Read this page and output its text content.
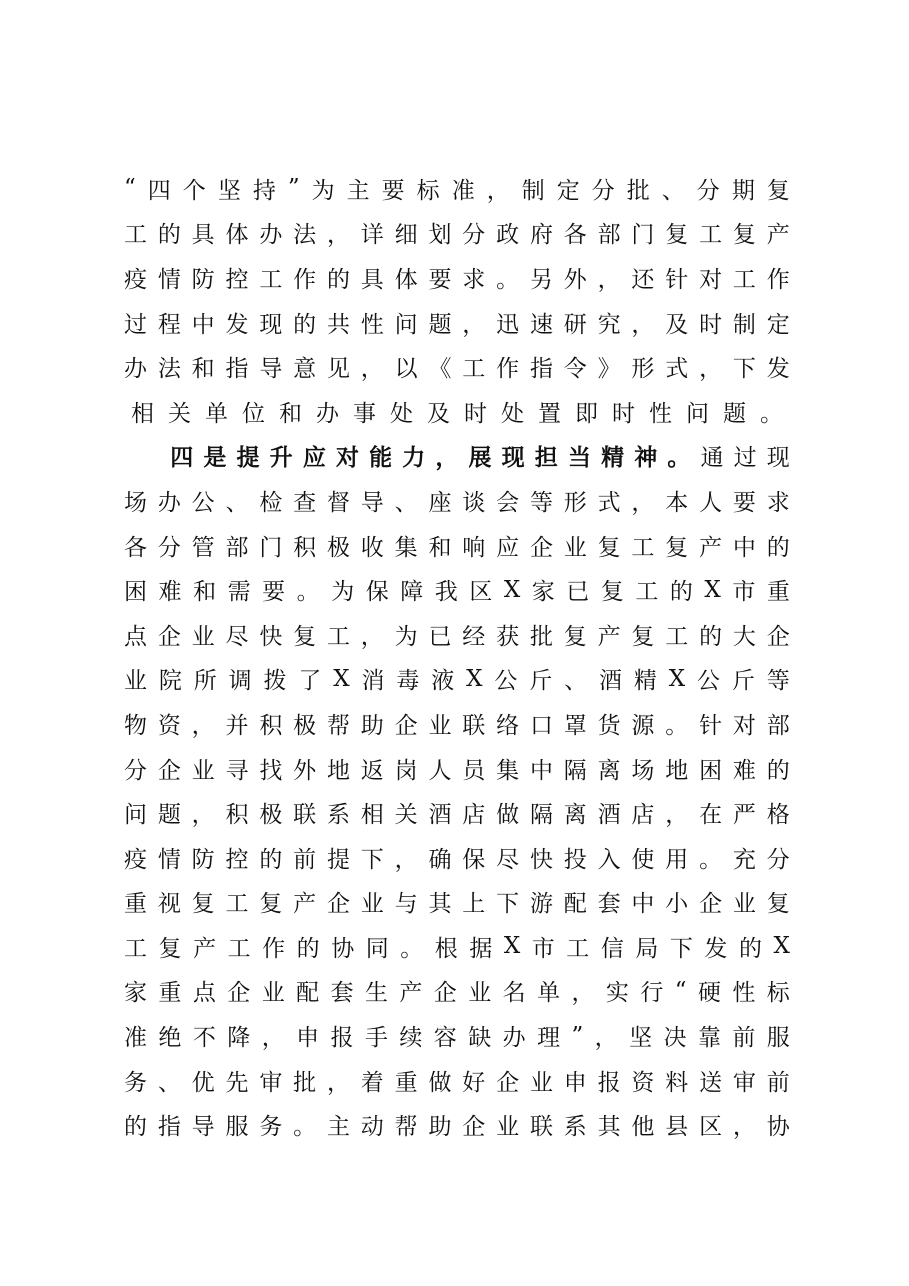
“ 四 个 坚 持 ” 为 主 要 标 准 ， 制 定 分 批 、 分 期 复
工 的 具 体 办 法 ， 详 细 划 分 政 府 各 部 门 复 工 复 产
疫 情 防 控 工 作 的 具 体 要 求 。 另 外 ， 还 针 对 工 作
过 程 中 发 现 的 共 性 问 题 ， 迅 速 研 究 ， 及 时 制 定
办 法 和 指 导 意 见 ， 以 《 工 作 指 令 》 形 式 ， 下 发
相 关 单 位 和 办 事 处 及 时 处 置 即 时 性 问 题 。
四 是 提 升 应 对 能 力 ， 展 现 担 当 精 神 。 通 过 现
场 办 公 、 检 查 督 导 、 座 谈 会 等 形 式 ， 本 人 要 求
各 分 管 部 门 积 极 收 集 和 响 应 企 业 复 工 复 产 中 的
困 难 和 需 要 。 为 保 障 我 区 X 家 已 复 工 的 X 市 重
点 企 业 尽 快 复 工 ， 为 已 经 获 批 复 产 复 工 的 大 企
业 院 所 调 拨 了 X 消 毒 液 X 公 斤 、 酒 精 X 公 斤 等
物 资 ， 并 积 极 帮 助 企 业 联 络 口 罩 货 源 。 针 对 部
分 企 业 寻 找 外 地 返 岗 人 员 集 中 隔 离 场 地 困 难 的
问 题 ， 积 极 联 系 相 关 酒 店 做 隔 离 酒 店 ， 在 严 格
疫 情 防 控 的 前 提 下 ， 确 保 尽 快 投 入 使 用 。 充 分
重 视 复 工 复 产 企 业 与 其 上 下 游 配 套 中 小 企 业 复
工 复 产 工 作 的 协 同 。 根 据 X 市 工 信 局 下 发 的 X
家 重 点 企 业 配 套 生 产 企 业 名 单 ， 实 行 “ 硬 性 标
准 绝 不 降 ， 申 报 手 续 容 缺 办 理 ” ， 坚 决 靠 前 服
务 、 优 先 审 批 ， 着 重 做 好 企 业 申 报 资 料 送 审 前
的 指 导 服 务 。 主 动 帮 助 企 业 联 系 其 他 县 区 ， 协
